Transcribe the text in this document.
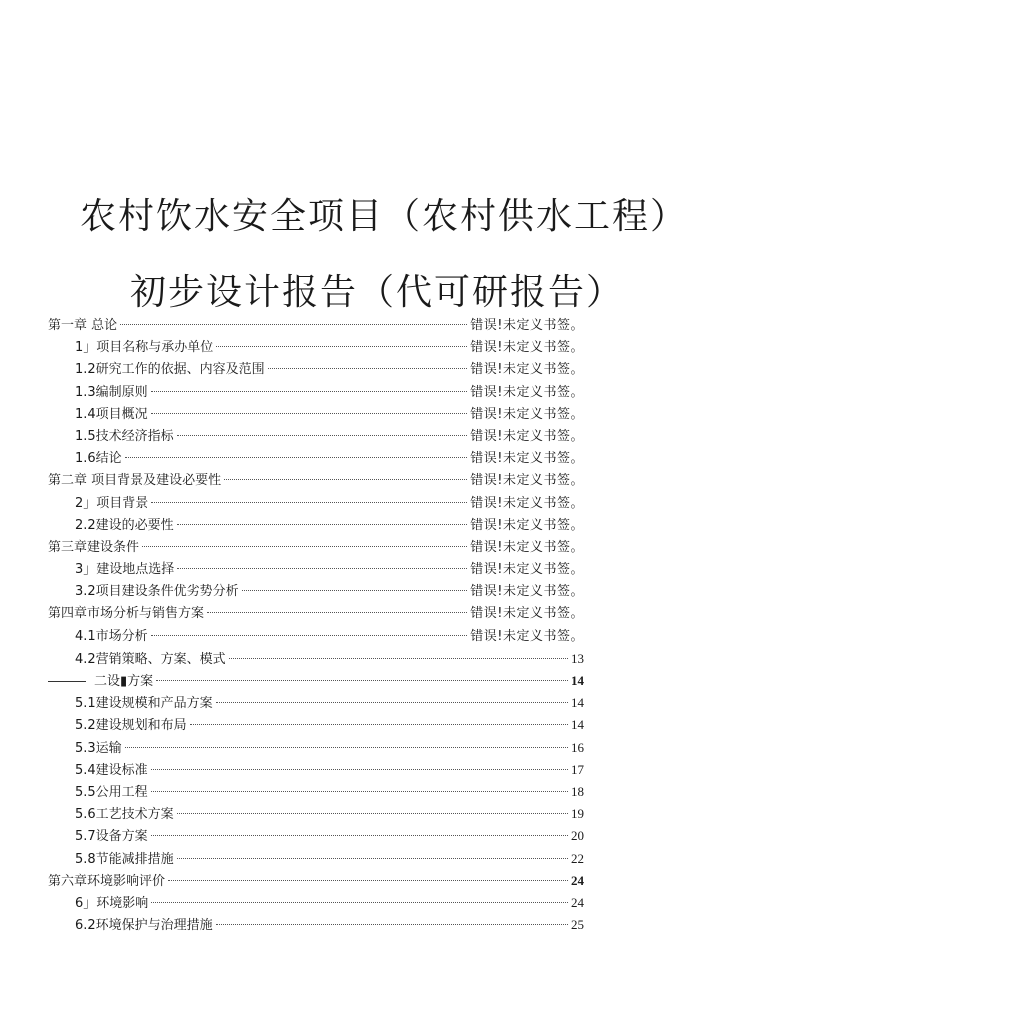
农村饮水安全项目（农村供水工程）
初步设计报告（代可研报告）
第一章 总论	错误!未定义书签。
1」项目名称与承办单位	错误!未定义书签。
1.2研究工作的依据、内容及范围	错误!未定义书签。
1.3编制原则	错误!未定义书签。
1.4项目概况	错误!未定义书签。
1.5技术经济指标	错误!未定义书签。
1.6结论	错误!未定义书签。
第二章 项目背景及建设必要性	错误!未定义书签。
2」项目背景	错误!未定义书签。
2.2建设的必要性	错误!未定义书签。
第三章建设条件	错误!未定义书签。
3」建设地点选择	错误!未定义书签。
3.2项目建设条件优劣势分析	错误!未定义书签。
第四章市场分析与销售方案	错误!未定义书签。
4.1市场分析	错误!未定义书签。
4.2营销策略、方案、模式	13
二设▮方案	14
5.1建设规模和产品方案	14
5.2建设规划和布局	14
5.3运输	16
5.4建设标准	17
5.5公用工程	18
5.6工艺技术方案	19
5.7设备方案	20
5.8节能减排措施	22
第六章环境影响评价	24
6」环境影响	24
6.2环境保护与治理措施	25
